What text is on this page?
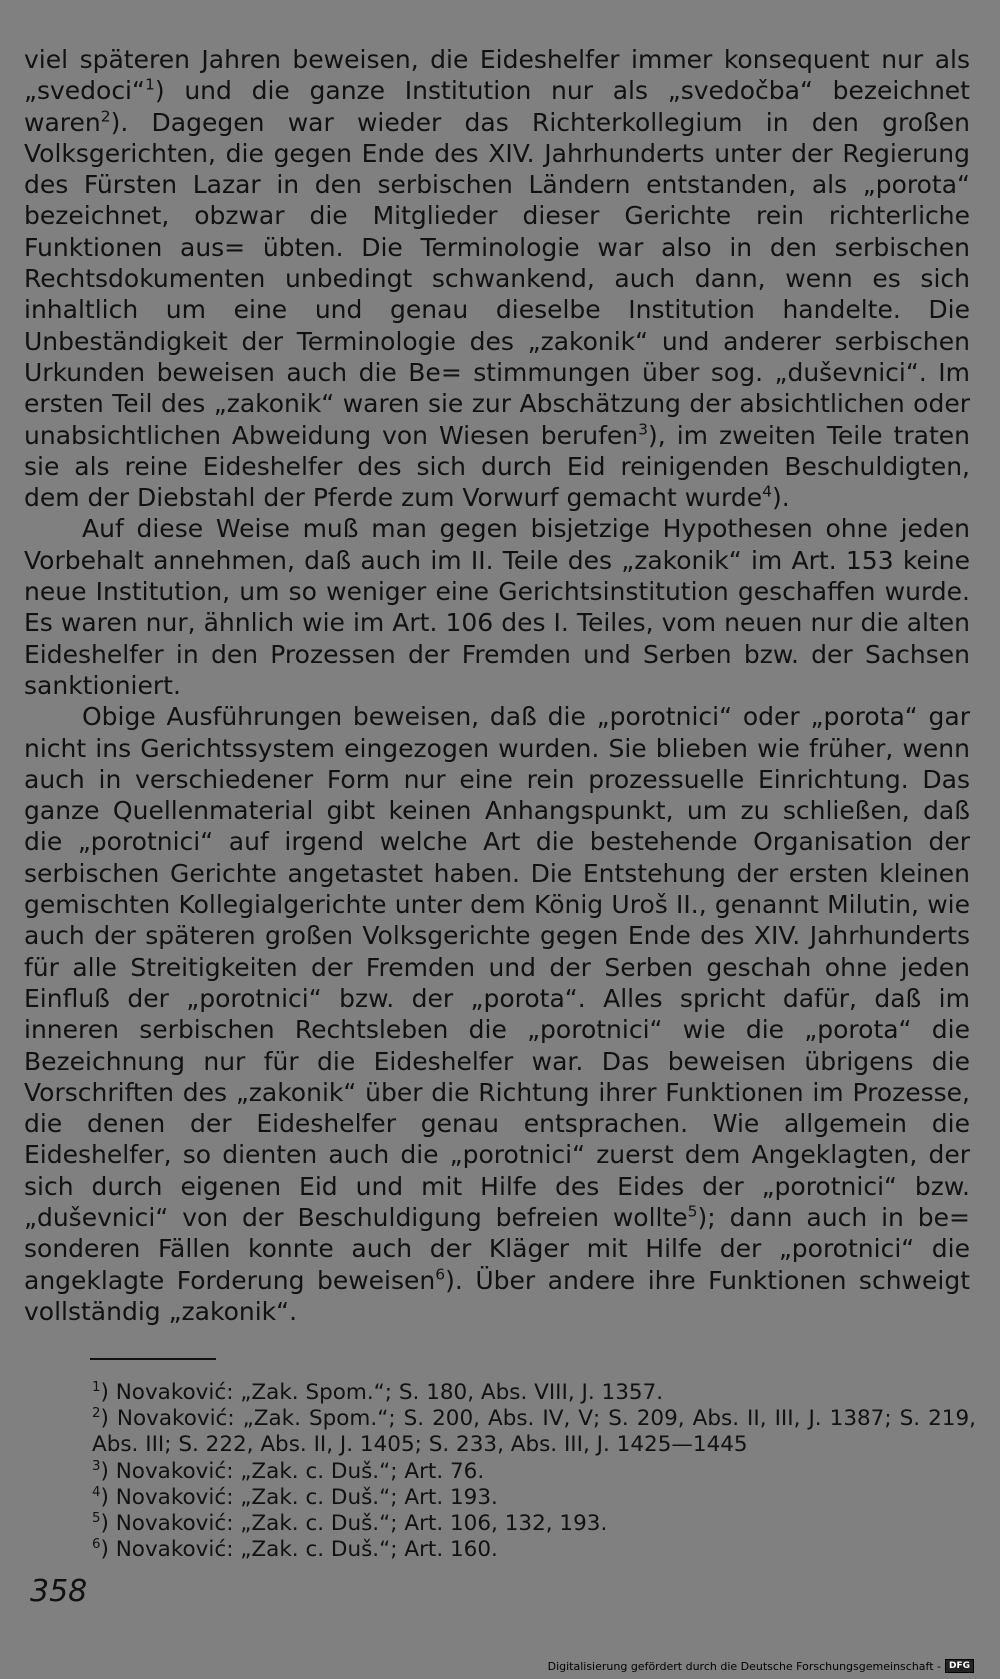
viel späteren Jahren beweisen, die Eideshelfer immer konsequent nur als „svedoci“$^1$) und die ganze Institution nur als „svedočba“ bezeichnet waren$^2$). Dagegen war wieder das Richterkollegium in den großen Volksgerichten, die gegen Ende des XIV. Jahrhunderts unter der Regierung des Fürsten Lazar in den serbischen Ländern entstanden, als „porota“ bezeichnet, obzwar die Mitglieder dieser Gerichte rein richterliche Funktionen aus= übten. Die Terminologie war also in den serbischen Rechtsdokumenten unbedingt schwankend, auch dann, wenn es sich inhaltlich um eine und genau dieselbe Institution handelte. Die Unbeständigkeit der Terminologie des „zakonik“ und anderer serbischen Urkunden beweisen auch die Be= stimmungen über sog. „duševnici“. Im ersten Teil des „zakonik“ waren sie zur Abschätzung der absichtlichen oder unabsichtlichen Abweidung von Wiesen berufen$^3$), im zweiten Teile traten sie als reine Eideshelfer des sich durch Eid reinigenden Beschuldigten, dem der Diebstahl der Pferde zum Vorwurf gemacht wurde$^4$).

Auf diese Weise muß man gegen bisjetzige Hypothesen ohne jeden Vorbehalt annehmen, daß auch im II. Teile des „zakonik“ im Art. 153 keine neue Institution, um so weniger eine Gerichtsinstitution geschaffen wurde. Es waren nur, ähnlich wie im Art. 106 des I. Teiles, vom neuen nur die alten Eideshelfer in den Prozessen der Fremden und Serben bzw. der Sachsen sanktioniert.

Obige Ausführungen beweisen, daß die „porotnici“ oder „porota“ gar nicht ins Gerichtssystem eingezogen wurden. Sie blieben wie früher, wenn auch in verschiedener Form nur eine rein prozessuelle Einrichtung. Das ganze Quellenmaterial gibt keinen Anhangspunkt, um zu schließen, daß die „porotnici“ auf irgend welche Art die bestehende Organisation der serbischen Gerichte angetastet haben. Die Entstehung der ersten kleinen gemischten Kollegialgerichte unter dem König Uroš II., genannt Milutin, wie auch der späteren großen Volksgerichte gegen Ende des XIV. Jahrhunderts für alle Streitigkeiten der Fremden und der Serben geschah ohne jeden Einfluß der „porotnici“ bzw. der „porota“. Alles spricht dafür, daß im inneren serbischen Rechtsleben die „porotnici“ wie die „porota“ die Bezeichnung nur für die Eideshelfer war. Das beweisen übrigens die Vorschriften des „zakonik“ über die Richtung ihrer Funktionen im Prozesse, die denen der Eideshelfer genau entsprachen. Wie allgemein die Eideshelfer, so dienten auch die „porotnici“ zuerst dem Angeklagten, der sich durch eigenen Eid und mit Hilfe des Eides der „porotnici“ bzw. „duševnici“ von der Beschuldigung befreien wollte$^5$); dann auch in be= sonderen Fällen konnte auch der Kläger mit Hilfe der „porotnici“ die angeklagte Forderung beweisen$^6$). Über andere ihre Funktionen schweigt vollständig „zakonik“.

$^1$) Novaković: „Zak. Spom.“; S. 180, Abs. VIII, J. 1357.

$^2$) Novaković: „Zak. Spom.“; S. 200, Abs. IV, V; S. 209, Abs. II, III, J. 1387; S. 219, Abs. III; S. 222, Abs. II, J. 1405; S. 233, Abs. III, J. 1425—1445

$^3$) Novaković: „Zak. c. Duš.“; Art. 76.

$^4$) Novaković: „Zak. c. Duš.“; Art. 193.

$^5$) Novaković: „Zak. c. Duš.“; Art. 106, 132, 193.

$^6$) Novaković: „Zak. c. Duš.“; Art. 160.

358
Digitalisierung gefördert durch die Deutsche Forschungsgemeinschaft - DFG
